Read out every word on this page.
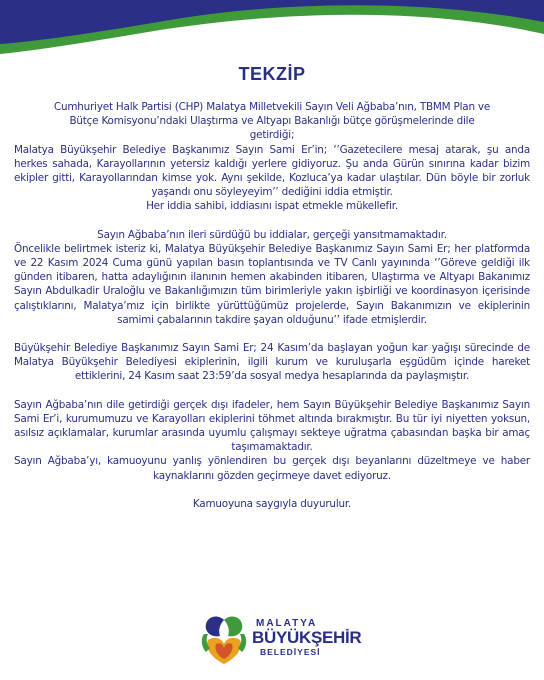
TEKZİP

Cumhuriyet Halk Partisi (CHP) Malatya Milletvekili Sayın Veli Ağbaba’nın, TBMM Plan ve

Bütçe Komisyonu’ndaki Ulaştırma ve Altyapı Bakanlığı bütçe görüşmelerinde dile

getirdiği;

Malatya Büyükşehir Belediye Başkanımız Sayın Sami Er’in; ‘’Gazetecilere mesaj atarak, şu anda herkes sahada, Karayollarının yetersiz kaldığı yerlere gidiyoruz. Şu anda Gürün sınırına kadar bizim ekipler gitti, Karayollarından kimse yok. Aynı şekilde, Kozluca’ya kadar ulaştılar. Dün böyle bir zorluk yaşandı onu söyleyeyim’’ dediğini iddia etmiştir.

Her iddia sahibi, iddiasını ispat etmekle mükellefir.

Sayın Ağbaba’nın ileri sürdüğü bu iddialar, gerçeği yansıtmamaktadır.

Öncelikle belirtmek isteriz ki, Malatya Büyükşehir Belediye Başkanımız Sayın Sami Er; her platformda ve 22 Kasım 2024 Cuma günü yapılan basın toplantısında ve TV Canlı yayınında ‘’Göreve geldiği ilk günden itibaren, hatta adaylığının ilanının hemen akabinden itibaren, Ulaştırma ve Altyapı Bakanımız Sayın Abdulkadir Uraloğlu ve Bakanlığımızın tüm birimleriyle yakın işbirliği ve koordinasyon içerisinde çalıştıklarını, Malatya’mız için birlikte yürüttüğümüz projelerde, Sayın Bakanımızın ve ekiplerinin samimi çabalarının takdire şayan olduğunu’’ ifade etmişlerdir.

Büyükşehir Belediye Başkanımız Sayın Sami Er; 24 Kasım’da başlayan yoğun kar yağışı sürecinde de Malatya Büyükşehir Belediyesi ekiplerinin, ilgili kurum ve kuruluşarla eşgüdüm içinde hareket ettiklerini, 24 Kasım saat 23:59’da sosyal medya hesaplarında da paylaşmıştır.

Sayın Ağbaba’nın dile getirdiği gerçek dışı ifadeler, hem Sayın Büyükşehir Belediye Başkanımız Sayın Sami Er’i, kurumumuzu ve Karayolları ekiplerini töhmet altında bırakmıştır. Bu tür iyi niyetten yoksun, asılsız açıklamalar, kurumlar arasında uyumlu çalışmayı sekteye uğratma çabasından başka bir amaç taşımamaktadır.

Sayın Ağbaba’yı, kamuoyunu yanlış yönlendiren bu gerçek dışı beyanlarını düzeltmeye ve haber kaynaklarını gözden geçirmeye davet ediyoruz.

Kamuoyuna saygıyla duyurulur.

MALATYA
BÜYÜKŞEHİR
BELEDİYESİ
